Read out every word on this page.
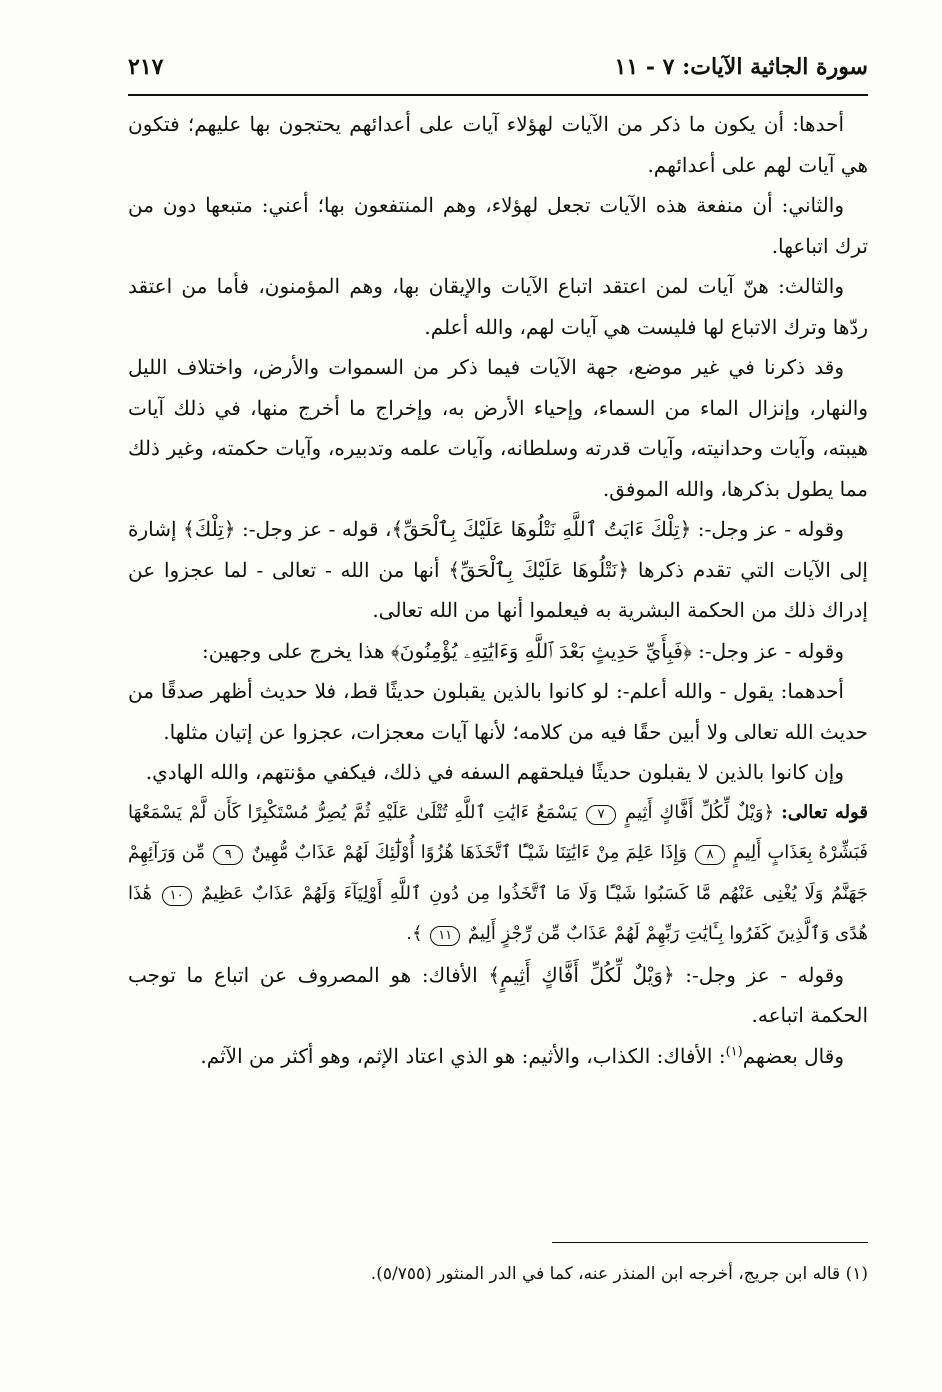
سورة الجاثية الآيات: ٧ - ١١
٢١٧

أحدها: أن يكون ما ذكر من الآيات لهؤلاء آيات على أعدائهم يحتجون بها عليهم؛ فتكون هي آيات لهم على أعدائهم.

والثاني: أن منفعة هذه الآيات تجعل لهؤلاء، وهم المنتفعون بها؛ أعني: متبعها دون من ترك اتباعها.

والثالث: هنّ آيات لمن اعتقد اتباع الآيات والإيقان بها، وهم المؤمنون، فأما من اعتقد ردّها وترك الاتباع لها فليست هي آيات لهم، والله أعلم.

وقد ذكرنا في غير موضع، جهة الآيات فيما ذكر من السموات والأرض، واختلاف الليل والنهار، وإنزال الماء من السماء، وإحياء الأرض به، وإخراج ما أخرج منها، في ذلك آيات هيبته، وآيات وحدانيته، وآيات قدرته وسلطانه، وآيات علمه وتدبيره، وآيات حكمته، وغير ذلك مما يطول بذكرها، والله الموفق.

وقوله - عز وجل-: ﴿تِلْكَ ءَايَتُ ٱللَّهِ نَتْلُوهَا عَلَيْكَ بِٱلْحَقِّ﴾، قوله - عز وجل-: ﴿تِلْكَ﴾ إشارة إلى الآيات التي تقدم ذكرها ﴿نَتْلُوهَا عَلَيْكَ بِٱلْحَقِّ﴾ أنها من الله - تعالى - لما عجزوا عن إدراك ذلك من الحكمة البشرية به فيعلموا أنها من الله تعالى.

وقوله - عز وجل-: ﴿فَبِأَيِّ حَدِيثٍ بَعْدَ ٱللَّهِ وَءَايَٰتِهِۦ يُؤْمِنُونَ﴾ هذا يخرج على وجهين:

أحدهما: يقول - والله أعلم-: لو كانوا بالذين يقبلون حديثًا قط، فلا حديث أظهر صدقًا من حديث الله تعالى ولا أبين حقًا فيه من كلامه؛ لأنها آيات معجزات، عجزوا عن إتيان مثلها.

وإن كانوا بالذين لا يقبلون حديثًا فيلحقهم السفه في ذلك، فيكفي مؤنتهم، والله الهادي.

قوله تعالى: ﴿وَيْلٌ لِّكُلِّ أَفَّاكٍ أَثِيمٍ ٧ يَسْمَعُ ءَايَٰتِ ٱللَّهِ تُتْلَىٰ عَلَيْهِ ثُمَّ يُصِرُّ مُسْتَكْبِرًا كَأَن لَّمْ يَسْمَعْهَا فَبَشِّرْهُ بِعَذَابٍ أَلِيمٍ ٨ وَإِذَا عَلِمَ مِنْ ءَايَٰتِنَا شَيْـًٔا ٱتَّخَذَهَا هُزُوًا أُوْلَٰٓئِكَ لَهُمْ عَذَابٌ مُّهِينٌ ٩ مِّن وَرَآئِهِمْ جَهَنَّمُ وَلَا يُغْنِى عَنْهُم مَّا كَسَبُوا شَيْـًٔا وَلَا مَا ٱتَّخَذُوا مِن دُونِ ٱللَّهِ أَوْلِيَآءَ وَلَهُمْ عَذَابٌ عَظِيمٌ ١٠ هَٰذَا هُدًى وَٱلَّذِينَ كَفَرُوا بِـَٔايَٰتِ رَبِّهِمْ لَهُمْ عَذَابٌ مِّن رِّجْزٍ أَلِيمٌ ١١ ﴾.

وقوله - عز وجل-: ﴿وَيْلٌ لِّكُلِّ أَفَّاكٍ أَثِيمٍ﴾ الأفاك: هو المصروف عن اتباع ما توجب الحكمة اتباعه.

وقال بعضهم$^{(١)}$: الأفاك: الكذاب، والأثيم: هو الذي اعتاد الإثم، وهو أكثر من الآثم.

(١) قاله ابن جريج، أخرجه ابن المنذر عنه، كما في الدر المنثور (٥/٧٥٥).
